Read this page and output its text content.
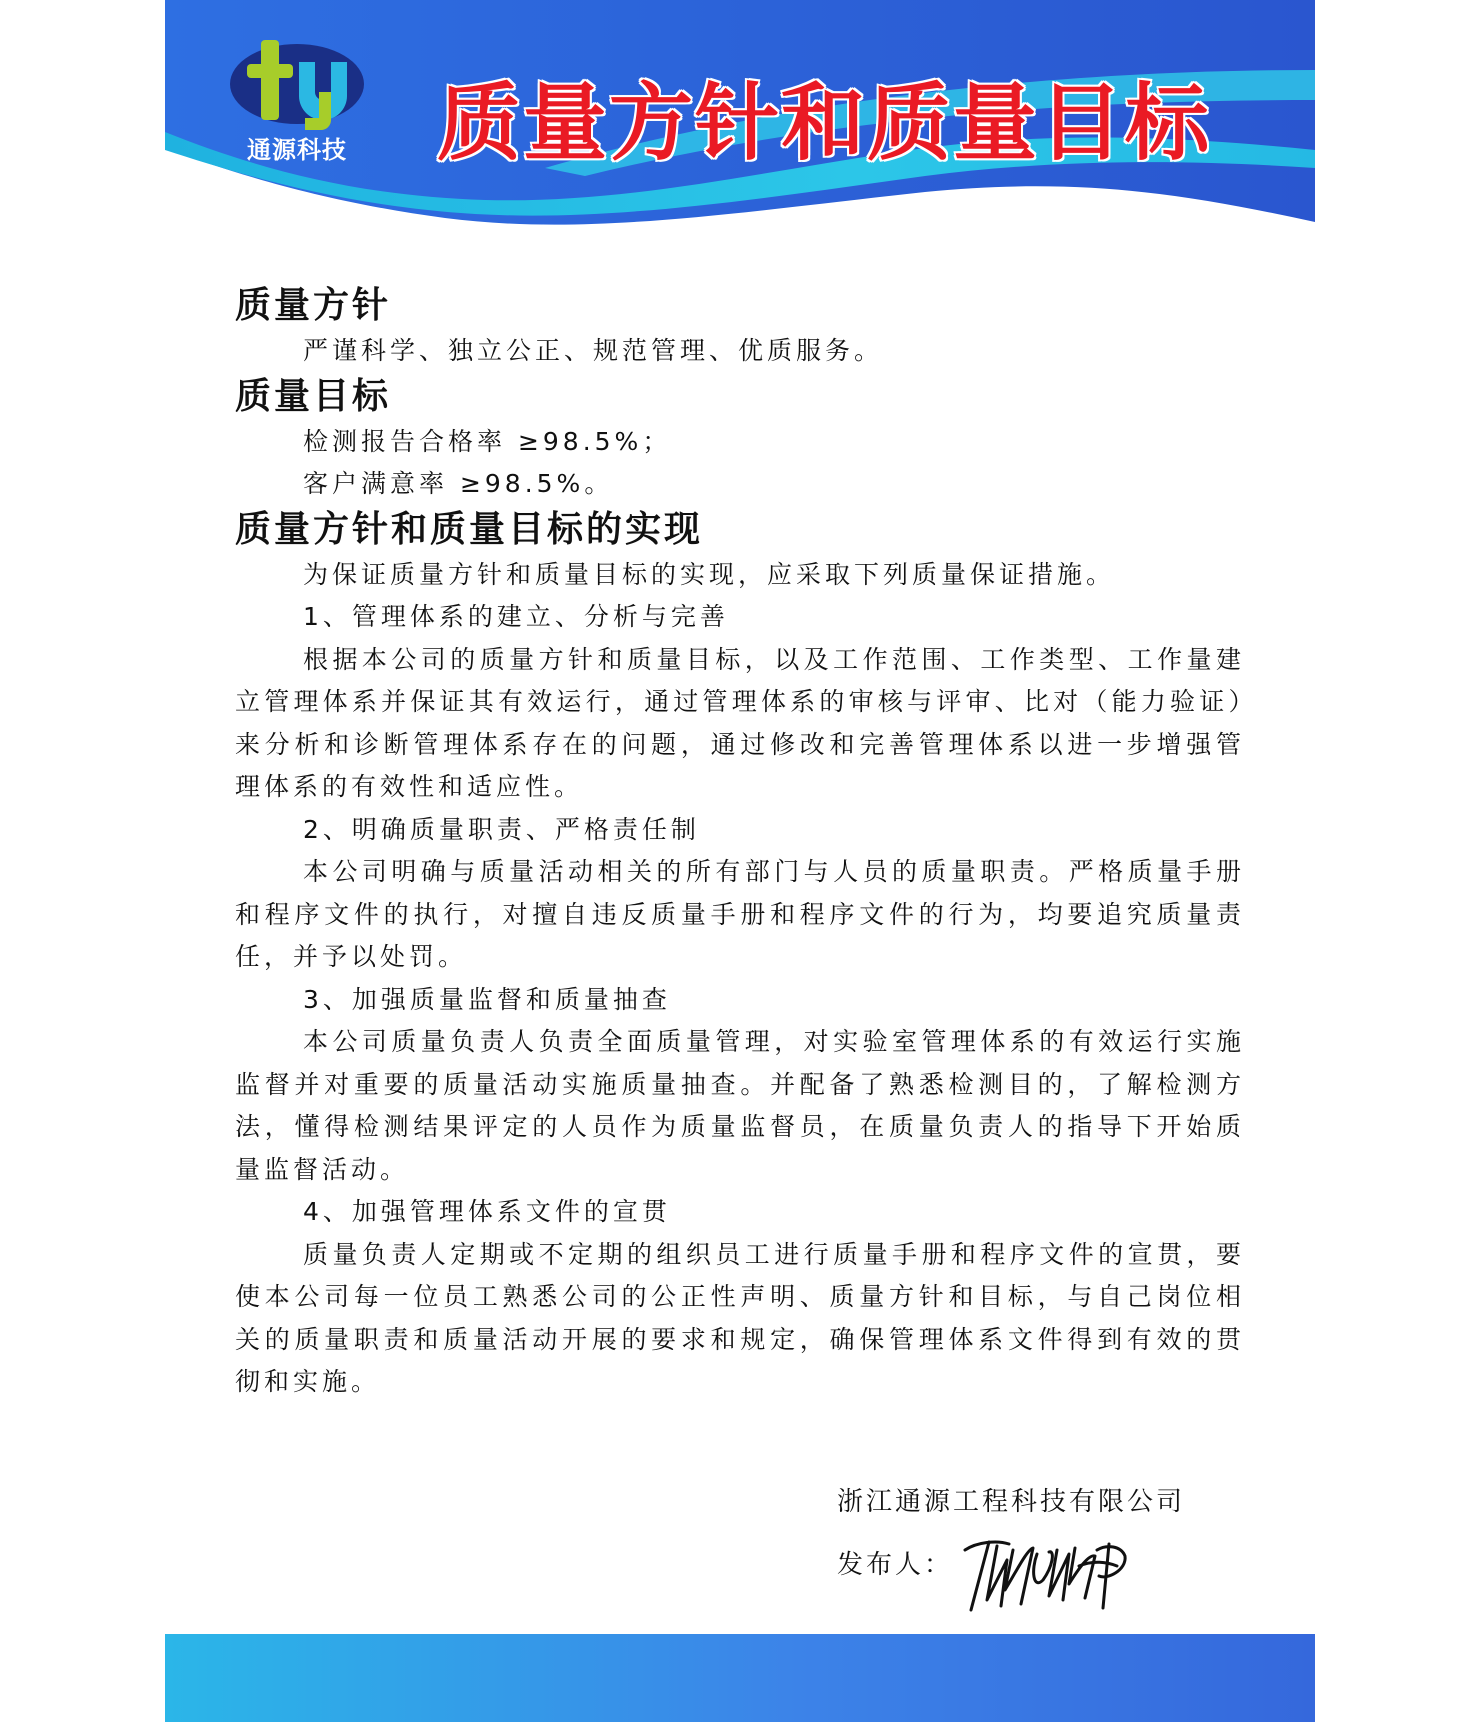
通源科技 质量方针和质量目标

质量方针

严谨科学、独立公正、规范管理、优质服务。

质量目标

检测报告合格率 ≥98.5%；

客户满意率 ≥98.5%。

质量方针和质量目标的实现

为保证质量方针和质量目标的实现，应采取下列质量保证措施。

1、管理体系的建立、分析与完善

根据本公司的质量方针和质量目标，以及工作范围、工作类型、工作量建立管理体系并保证其有效运行，通过管理体系的审核与评审、比对（能力验证）来分析和诊断管理体系存在的问题，通过修改和完善管理体系以进一步增强管理体系的有效性和适应性。

2、明确质量职责、严格责任制

本公司明确与质量活动相关的所有部门与人员的质量职责。严格质量手册和程序文件的执行，对擅自违反质量手册和程序文件的行为，均要追究质量责任，并予以处罚。

3、加强质量监督和质量抽查

本公司质量负责人负责全面质量管理，对实验室管理体系的有效运行实施监督并对重要的质量活动实施质量抽查。并配备了熟悉检测目的，了解检测方法，懂得检测结果评定的人员作为质量监督员，在质量负责人的指导下开始质量监督活动。

4、加强管理体系文件的宣贯

质量负责人定期或不定期的组织员工进行质量手册和程序文件的宣贯，要使本公司每一位员工熟悉公司的公正性声明、质量方针和目标，与自己岗位相关的质量职责和质量活动开展的要求和规定，确保管理体系文件得到有效的贯彻和实施。

浙江通源工程科技有限公司
发布人：
